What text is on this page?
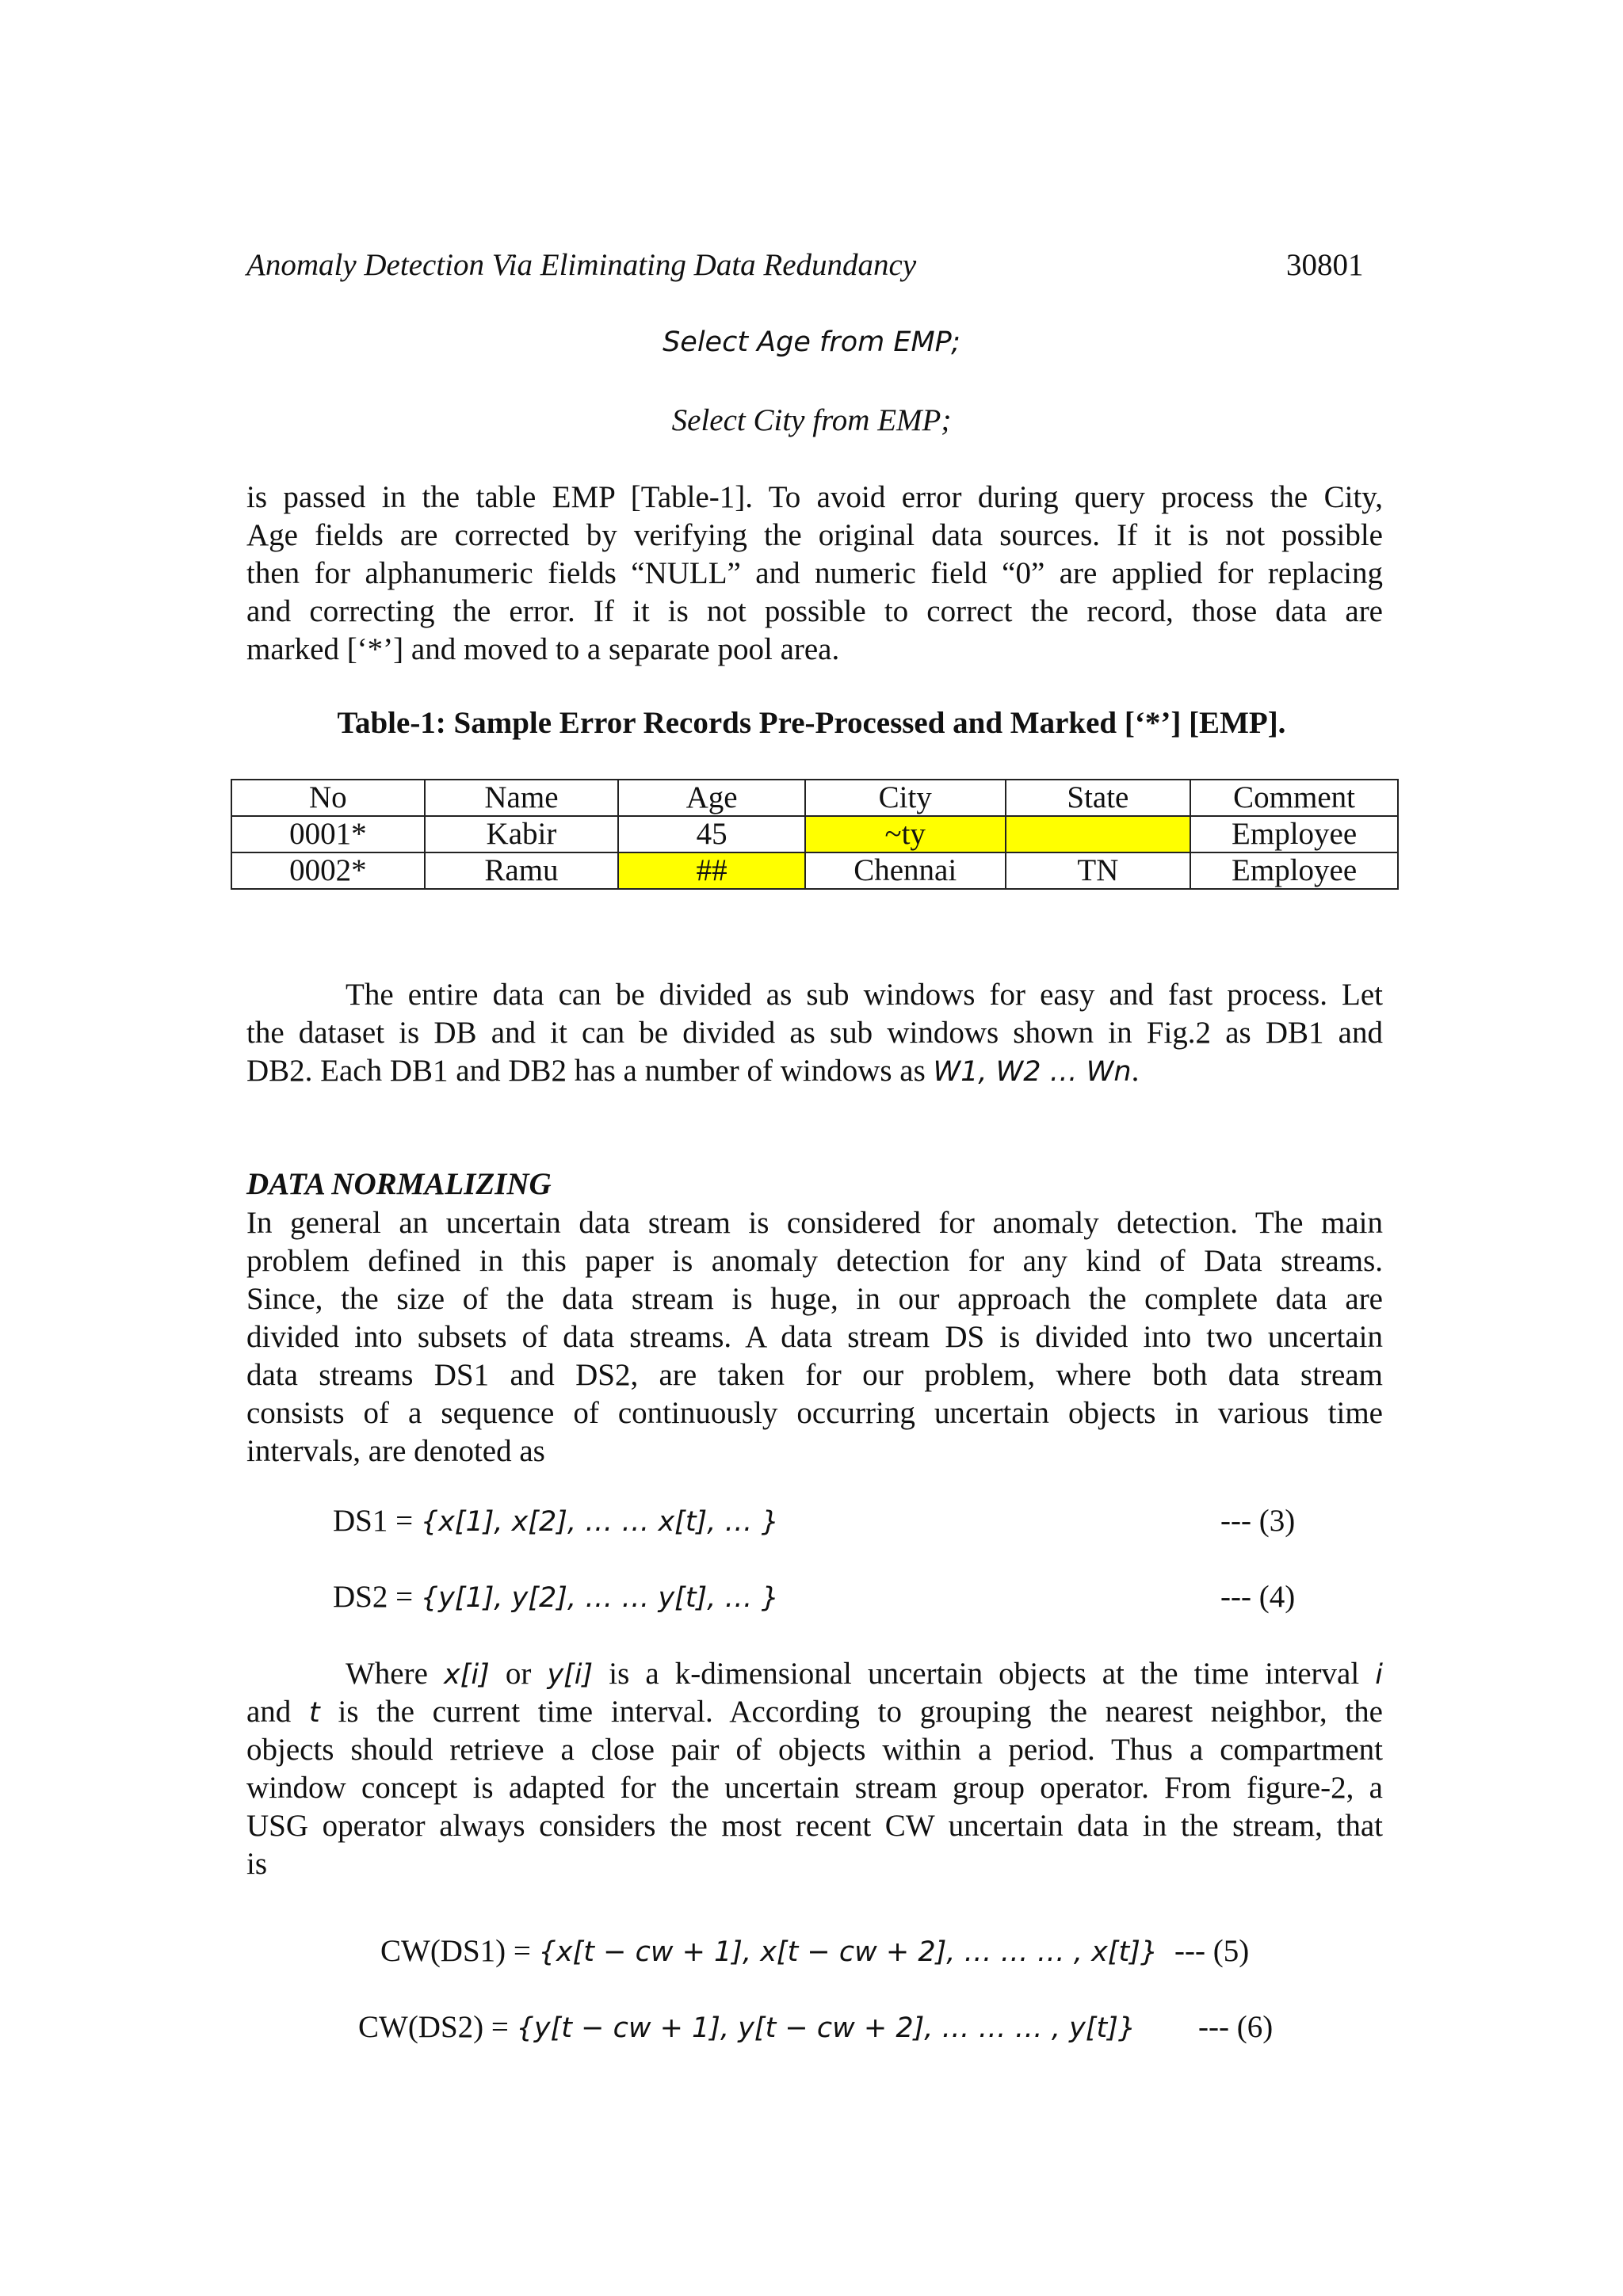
Anomaly Detection Via Eliminating Data Redundancy	30801
Select Age from EMP;
Select City from EMP;
is passed in the table EMP [Table-1]. To avoid error during query process the City,
Age fields are corrected by verifying the original data sources. If it is not possible
then for alphanumeric fields “NULL” and numeric field “0” are applied for replacing
and correcting the error. If it is not possible to correct the record, those data are
marked [‘*’] and moved to a separate pool area.
Table-1: Sample Error Records Pre-Processed and Marked [‘*’] [EMP].
No	Name	Age	City	State	Comment
0001*	Kabir	45	~ty		Employee
0002*	Ramu	##	Chennai	TN	Employee
The entire data can be divided as sub windows for easy and fast process. Let
the dataset is DB and it can be divided as sub windows shown in Fig.2 as DB1 and
DB2. Each DB1 and DB2 has a number of windows as W1, W2 … Wn.
DATA NORMALIZING
In general an uncertain data stream is considered for anomaly detection. The main
problem defined in this paper is anomaly detection for any kind of Data streams.
Since, the size of the data stream is huge, in our approach the complete data are
divided into subsets of data streams. A data stream DS is divided into two uncertain
data streams DS1 and DS2, are taken for our problem, where both data stream
consists of a sequence of continuously occurring uncertain objects in various time
intervals, are denoted as
DS1 = {x[1], x[2], … … x[t], … }	--- (3)
DS2 = {y[1], y[2], … … y[t], … }	--- (4)
Where x[i] or y[i] is a k-dimensional uncertain objects at the time interval i
and t is the current time interval. According to grouping the nearest neighbor, the
objects should retrieve a close pair of objects within a period. Thus a compartment
window concept is adapted for the uncertain stream group operator. From figure-2, a
USG operator always considers the most recent CW uncertain data in the stream, that
is
CW(DS1) = {x[t − cw + 1], x[t − cw + 2], … … … , x[t]} --- (5)
CW(DS2) = {y[t − cw + 1], y[t − cw + 2], … … … , y[t]} --- (6)
